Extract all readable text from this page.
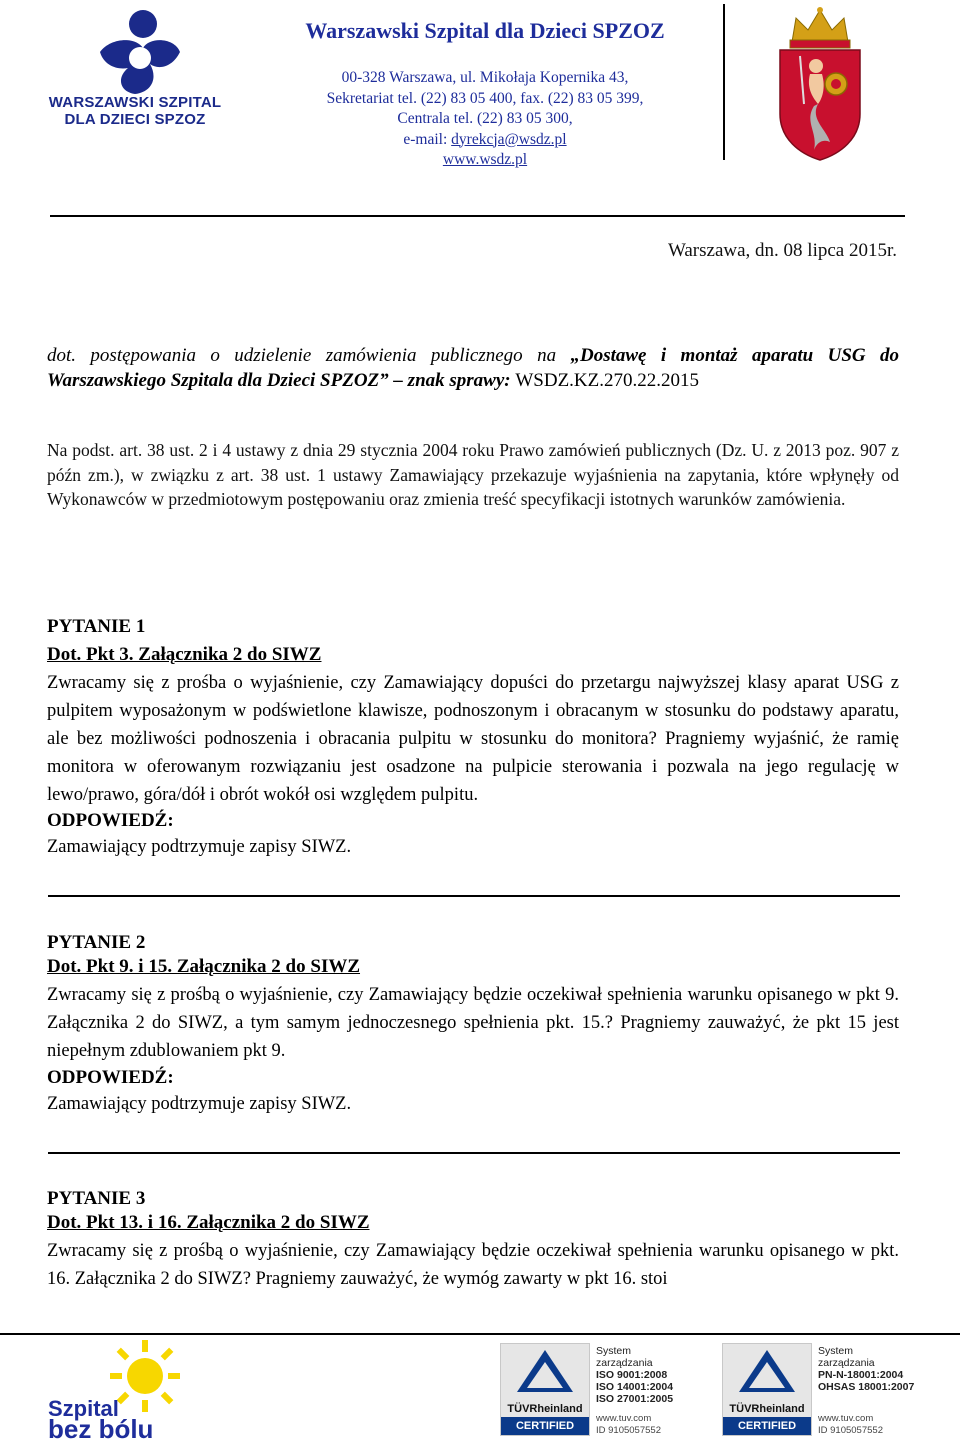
WARSZAWSKI SZPITAL
DLA DZIECI SPZOZ
Warszawski Szpital dla Dzieci SPZOZ
00-328 Warszawa, ul. Mikołaja Kopernika 43,
Sekretariat tel. (22) 83 05 400, fax. (22) 83 05 399,
Centrala tel. (22) 83 05 300,
e-mail: dyrekcja@wsdz.pl
www.wsdz.pl
Warszawa, dn. 08 lipca 2015r.
dot. postępowania o udzielenie zamówienia publicznego na „Dostawę i montaż aparatu USG do
Warszawskiego Szpitala dla Dzieci SPZOZ” – znak sprawy: WSDZ.KZ.270.22.2015
Na podst. art. 38 ust. 2 i 4 ustawy z dnia 29 stycznia 2004 roku Prawo zamówień publicznych (Dz. U. z 2013 poz. 907 z późn zm.), w związku z art. 38 ust. 1 ustawy Zamawiający przekazuje wyjaśnienia na zapytania, które wpłynęły od Wykonawców w przedmiotowym postępowaniu oraz zmienia treść specyfikacji istotnych warunków zamówienia.
PYTANIE 1
Dot. Pkt 3. Załącznika 2 do SIWZ
Zwracamy się z prośba o wyjaśnienie, czy Zamawiający dopuści do przetargu najwyższej klasy aparat USG z pulpitem wyposażonym w podświetlone klawisze, podnoszonym i obracanym w stosunku do podstawy aparatu, ale bez możliwości podnoszenia i obracania pulpitu w stosunku do monitora? Pragniemy wyjaśnić, że ramię monitora w oferowanym rozwiązaniu jest osadzone na pulpicie sterowania i pozwala na jego regulację w lewo/prawo, góra/dół i obrót wokół osi względem pulpitu.
ODPOWIEDŹ:
Zamawiający podtrzymuje zapisy SIWZ.
PYTANIE 2
Dot. Pkt 9. i 15. Załącznika 2 do SIWZ
Zwracamy się z prośbą o wyjaśnienie, czy Zamawiający będzie oczekiwał spełnienia warunku opisanego w pkt 9. Załącznika 2 do SIWZ, a tym samym jednoczesnego spełnienia pkt. 15.? Pragniemy zauważyć, że pkt 15 jest niepełnym zdublowaniem pkt 9.
ODPOWIEDŹ:
Zamawiający podtrzymuje zapisy SIWZ.
PYTANIE 3
Dot. Pkt 13. i 16. Załącznika 2 do SIWZ
Zwracamy się z prośbą o wyjaśnienie, czy Zamawiający będzie oczekiwał spełnienia warunku opisanego w pkt. 16. Załącznika 2 do SIWZ? Pragniemy zauważyć, że wymóg zawarty w pkt 16. stoi
Szpital
bez bólu
TÜVRheinland
CERTIFIED
System
zarządzania
ISO 9001:2008
ISO 14001:2004
ISO 27001:2005
www.tuv.com
ID 9105057552
TÜVRheinland
CERTIFIED
System
zarządzania
PN-N-18001:2004
OHSAS 18001:2007
www.tuv.com
ID 9105057552
